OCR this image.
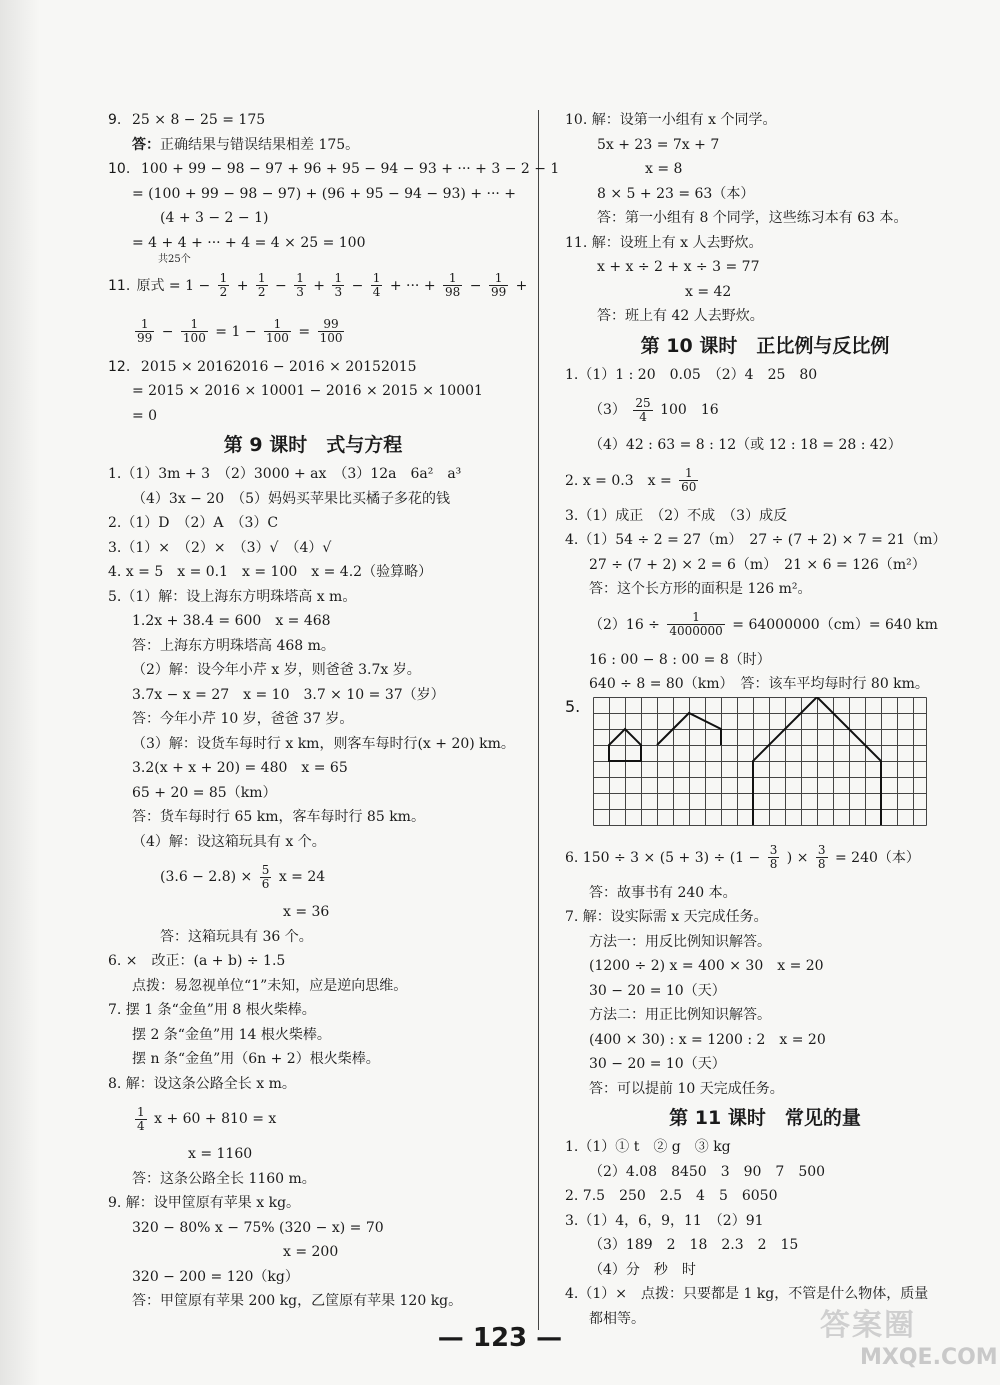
9. 25 × 8 − 25 = 175
答：正确结果与错误结果相差 175。
10. 100 + 99 − 98 − 97 + 96 + 95 − 94 − 93 + ··· + 3 − 2 − 1
= (100 + 99 − 98 − 97) + (96 + 95 − 94 − 93) + ··· +
(4 + 3 − 2 − 1)
= 4 + 4 + ··· + 4 = 4 × 25 = 100
共25个
11. 原式 = $1 - \frac{1}{2} + \frac{1}{2} - \frac{1}{3} + \frac{1}{3} - \frac{1}{4}$ + ··· + $\frac{1}{98} - \frac{1}{99}$ +
$\frac{1}{99} - \frac{1}{100} = 1 - \frac{1}{100} = \frac{99}{100}$
12. 2015 × 20162016 − 2016 × 20152015
= 2015 × 2016 × 10001 − 2016 × 2015 × 10001
= 0
第 9 课时　式与方程
1.（1）3m + 3　（2）3000 + ax　（3）12a　6a²　a³
（4）3x − 20　（5）妈妈买苹果比买橘子多花的钱
2.（1）D　（2）A　（3）C
3.（1）×　（2）×　（3）√　（4）√
4. x = 5　x = 0.1　x = 100　x = 4.2（验算略）
5.（1）解：设上海东方明珠塔高 x m。
1.2x + 38.4 = 600　x = 468
答：上海东方明珠塔高 468 m。
（2）解：设今年小芹 x 岁，则爸爸 3.7x 岁。
3.7x − x = 27　x = 10　3.7 × 10 = 37（岁）
答：今年小芹 10 岁，爸爸 37 岁。
（3）解：设货车每时行 x km，则客车每时行(x + 20) km。
3.2(x + x + 20) = 480　x = 65
65 + 20 = 85（km）
答：货车每时行 65 km，客车每时行 85 km。
（4）解：设这箱玩具有 x 个。
$(3.6 - 2.8) \times \frac{5}{6}$ x = 24
x = 36
答：这箱玩具有 36 个。
6. ×　改正：(a + b) ÷ 1.5
点拨：易忽视单位“1”未知，应是逆向思维。
7. 摆 1 条“金鱼”用 8 根火柴棒。
摆 2 条“金鱼”用 14 根火柴棒。
摆 n 条“金鱼”用（6n + 2）根火柴棒。
8. 解：设这条公路全长 x m。
$\frac{1}{4}$ x + 60 + 810 = x
x = 1160
答：这条公路全长 1160 m。
9. 解：设甲筐原有苹果 x kg。
320 − 80% x − 75% (320 − x) = 70
x = 200
320 − 200 = 120（kg）
答：甲筐原有苹果 200 kg，乙筐原有苹果 120 kg。
10. 解：设第一小组有 x 个同学。
5x + 23 = 7x + 7
x = 8
8 × 5 + 23 = 63（本）
答：第一小组有 8 个同学，这些练习本有 63 本。
11. 解：设班上有 x 人去野炊。
x + x ÷ 2 + x ÷ 3 = 77
x = 42
答：班上有 42 人去野炊。
第 10 课时　正比例与反比例
1.（1）1 : 20　0.05　（2）4　25　80
$(3) \frac{25}{4} 100$　16
（4）42 : 63 = 8 : 12（或 12 : 18 = 28 : 42）
2. x = 0.3　$x = \frac{1}{60}$
3.（1）成正　（2）不成　（3）成反
4.（1）54 ÷ 2 = 27（m）　27 ÷ (7 + 2) × 7 = 21（m）
27 ÷ (7 + 2) × 2 = 6（m）　21 × 6 = 126（m²）
答：这个长方形的面积是 126 m²。
$(2)16 \div \frac{1}{4000000} = 64000000(cm)= 640$ km
16 : 00 − 8 : 00 = 8（时）
640 ÷ 8 = 80（km）　答：该车平均每时行 80 km。
5.
6. $150 \div 3 \times (5 + 3) \div (1 - \frac{3}{8}$ ) × $\frac{3}{8} = 240$（本）
答：故事书有 240 本。
7. 解：设实际需 x 天完成任务。
方法一：用反比例知识解答。
(1200 ÷ 2) x = 400 × 30　x = 20
30 − 20 = 10（天）
方法二：用正比例知识解答。
(400 × 30) : x = 1200 : 2　x = 20
30 − 20 = 10（天）
答：可以提前 10 天完成任务。
第 11 课时　常见的量
1.（1）① t　② g　③ kg
（2）4.08　8450　3　90　7　500
2. 7.5　250　2.5　4　5　6050
3.（1）4，6，9，11　（2）91
（3）189　2　18　2.3　2　15
（4）分　秒　时
4.（1）×　点拨：只要都是 1 kg，不管是什么物体，质量
都相等。	答案圈
MXQE.COM
— 123 —
